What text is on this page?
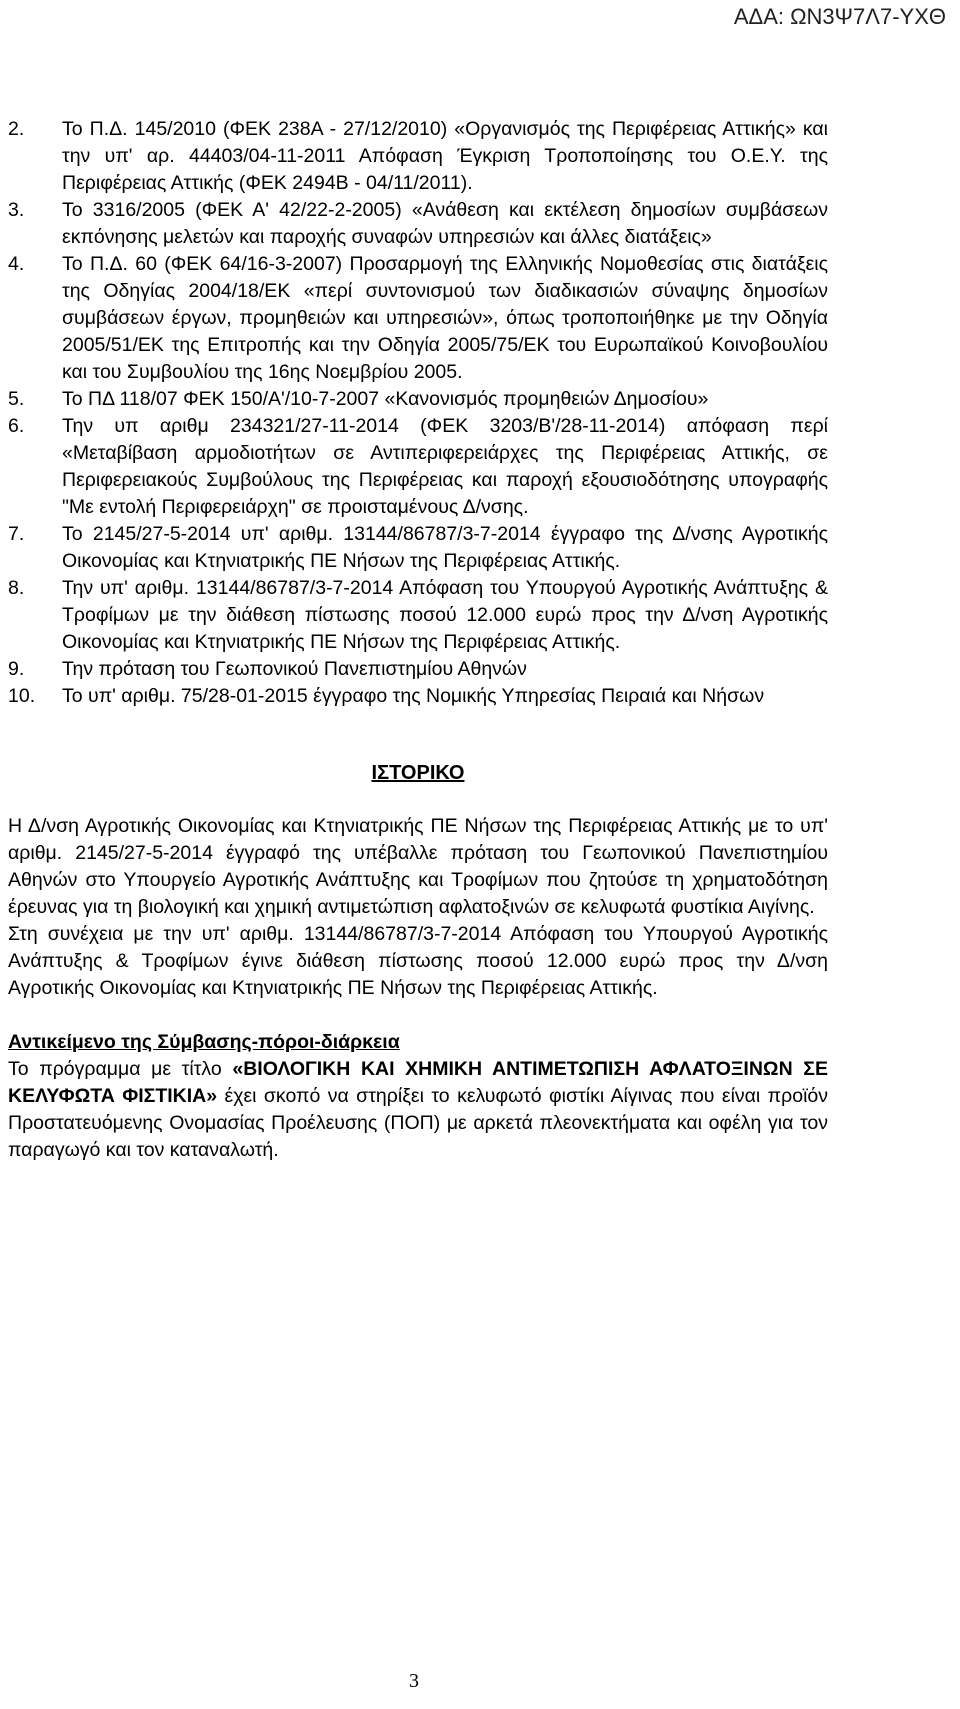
ΑΔΑ: ΩΝ3Ψ7Λ7-ΥΧΘ
2.	Το Π.Δ. 145/2010 (ΦΕΚ 238Α - 27/12/2010) «Οργανισμός της Περιφέρειας Αττικής» και την υπ' αρ. 44403/04-11-2011 Απόφαση Έγκριση Τροποποίησης του Ο.Ε.Υ. της Περιφέρειας Αττικής (ΦΕΚ 2494Β - 04/11/2011).
3.	Το 3316/2005 (ΦΕΚ Α' 42/22-2-2005) «Ανάθεση και εκτέλεση δημοσίων συμβάσεων εκπόνησης μελετών και παροχής συναφών υπηρεσιών και άλλες διατάξεις»
4.	Το Π.Δ. 60 (ΦΕΚ 64/16-3-2007) Προσαρμογή της Ελληνικής Νομοθεσίας στις διατάξεις της Οδηγίας 2004/18/ΕΚ «περί συντονισμού των διαδικασιών σύναψης δημοσίων συμβάσεων έργων, προμηθειών και υπηρεσιών», όπως τροποποιήθηκε με την Οδηγία 2005/51/ΕΚ της Επιτροπής και την Οδηγία 2005/75/ΕΚ του Ευρωπαϊκού Κοινοβουλίου και του Συμβουλίου της 16ης Νοεμβρίου 2005.
5.	Το ΠΔ 118/07 ΦΕΚ 150/Α'/10-7-2007 «Κανονισμός προμηθειών Δημοσίου»
6.	Την υπ αριθμ 234321/27-11-2014 (ΦΕΚ 3203/Β'/28-11-2014) απόφαση περί «Μεταβίβαση αρμοδιοτήτων σε Αντιπεριφερειάρχες της Περιφέρειας Αττικής, σε Περιφερειακούς Συμβούλους της Περιφέρειας και παροχή εξουσιοδότησης υπογραφής "Με εντολή Περιφερειάρχη" σε προισταμένους Δ/νσης.
7.	Το 2145/27-5-2014 υπ' αριθμ. 13144/86787/3-7-2014 έγγραφο της Δ/νσης Αγροτικής Οικονομίας και Κτηνιατρικής ΠΕ Νήσων της Περιφέρειας Αττικής.
8.	Την υπ' αριθμ. 13144/86787/3-7-2014 Απόφαση του Υπουργού Αγροτικής Ανάπτυξης & Τροφίμων με την διάθεση πίστωσης ποσού 12.000 ευρώ προς την Δ/νση Αγροτικής Οικονομίας και Κτηνιατρικής ΠΕ Νήσων της Περιφέρειας Αττικής.
9.	Την πρόταση του Γεωπονικού Πανεπιστημίου Αθηνών
10.	Το υπ' αριθμ. 75/28-01-2015 έγγραφο της Νομικής Υπηρεσίας Πειραιά και Νήσων
ΙΣΤΟΡΙΚΟ
Η Δ/νση Αγροτικής Οικονομίας και Κτηνιατρικής ΠΕ Νήσων της Περιφέρειας Αττικής με το υπ' αριθμ. 2145/27-5-2014 έγγραφό της υπέβαλλε πρόταση του Γεωπονικού Πανεπιστημίου Αθηνών στο Υπουργείο Αγροτικής Ανάπτυξης και Τροφίμων που ζητούσε τη χρηματοδότηση έρευνας για τη βιολογική και χημική αντιμετώπιση αφλατοξινών σε κελυφωτά φυστίκια Αιγίνης.
Στη συνέχεια με την υπ' αριθμ. 13144/86787/3-7-2014 Απόφαση του Υπουργού Αγροτικής Ανάπτυξης & Τροφίμων έγινε διάθεση πίστωσης ποσού 12.000 ευρώ προς την Δ/νση Αγροτικής Οικονομίας και Κτηνιατρικής ΠΕ Νήσων της Περιφέρειας Αττικής.
Αντικείμενο της Σύμβασης-πόροι-διάρκεια
Το πρόγραμμα με τίτλο «ΒΙΟΛΟΓΙΚΗ ΚΑΙ ΧΗΜΙΚΗ ΑΝΤΙΜΕΤΩΠΙΣΗ ΑΦΛΑΤΟΞΙΝΩΝ ΣΕ ΚΕΛΥΦΩΤΑ ΦΙΣΤΙΚΙΑ» έχει σκοπό να στηρίξει το κελυφωτό φιστίκι Αίγινας που είναι προϊόν Προστατευόμενης Ονομασίας Προέλευσης (ΠΟΠ) με αρκετά πλεονεκτήματα και οφέλη για τον παραγωγό και τον καταναλωτή.
3
